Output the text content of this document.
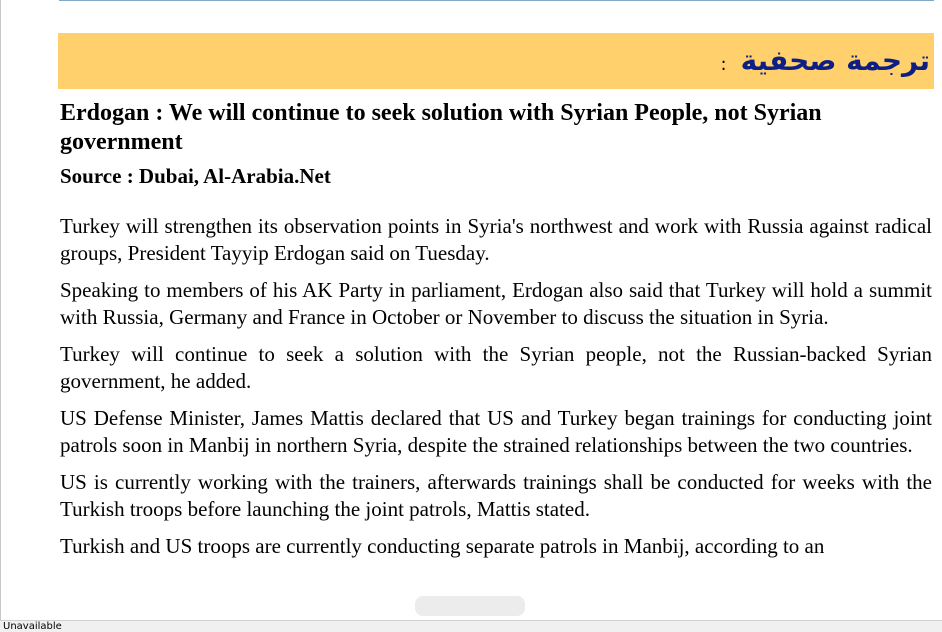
ترجمة صحفية :
Erdogan : We will continue to seek solution with Syrian People, not Syrian government

Source : Dubai, Al-Arabia.Net

Turkey will strengthen its observation points in Syria's northwest and work with Russia against radical groups, President Tayyip Erdogan said on Tuesday.

Speaking to members of his AK Party in parliament, Erdogan also said that Turkey will hold a summit with Russia, Germany and France in October or November to discuss the situation in Syria.

Turkey will continue to seek a solution with the Syrian people, not the Russian-backed Syrian government, he added.

US Defense Minister, James Mattis declared that US and Turkey began trainings for conducting joint patrols soon in Manbij in northern Syria, despite the strained relationships between the two countries.

US is currently working with the trainers, afterwards trainings shall be conducted for weeks with the Turkish troops before launching the joint patrols, Mattis stated.

Turkish and US troops are currently conducting separate patrols in Manbij, according to an

Unavailable
